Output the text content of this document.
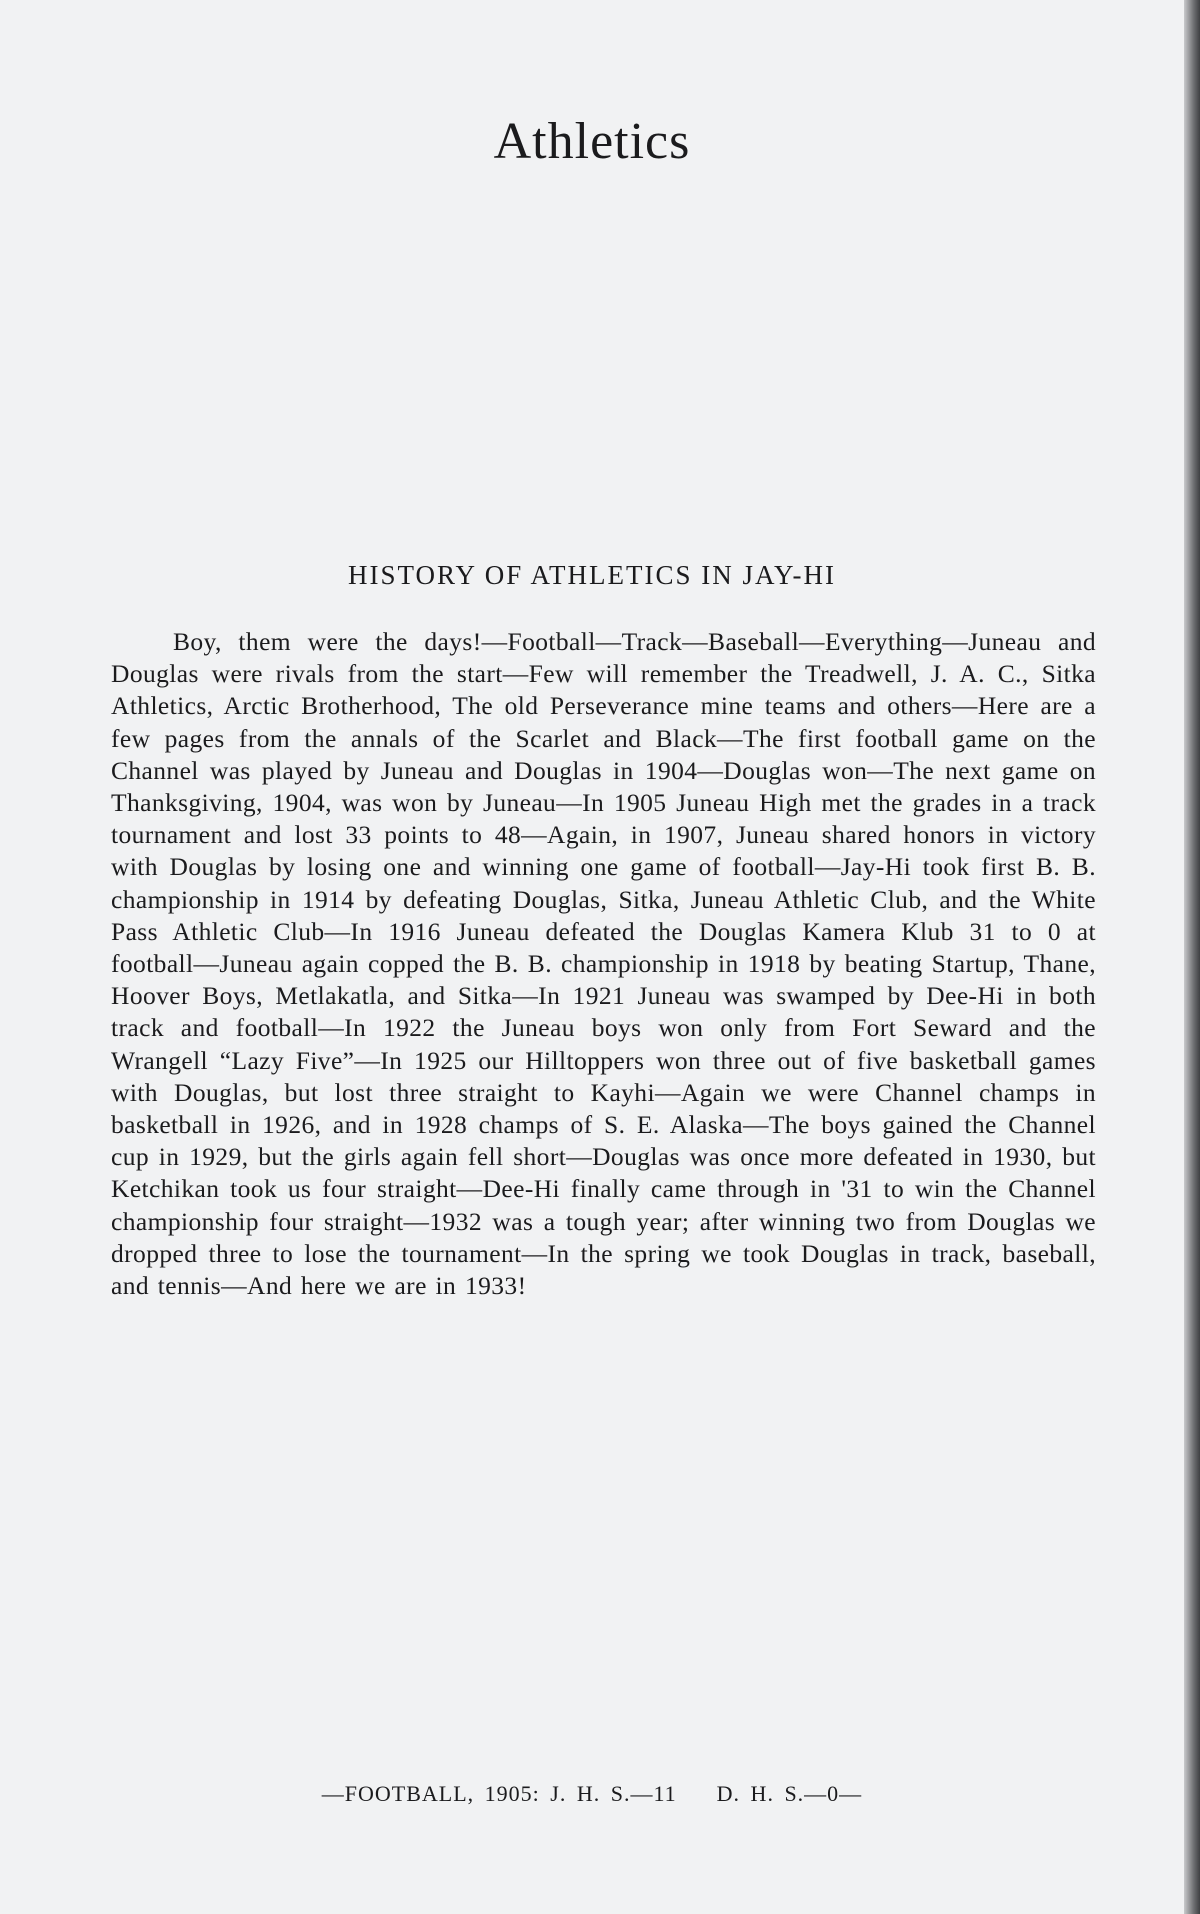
Athletics
HISTORY OF ATHLETICS IN JAY-HI

Boy, them were the days!—Football—Track—Baseball—Everything—Juneau and Douglas were rivals from the start—Few will remember the Treadwell, J. A. C., Sitka Athletics, Arctic Brotherhood, The old Perseverance mine teams and others—Here are a few pages from the annals of the Scarlet and Black—The first football game on the Channel was played by Juneau and Douglas in 1904—Douglas won—The next game on Thanksgiving, 1904, was won by Juneau—In 1905 Juneau High met the grades in a track tournament and lost 33 points to 48—Again, in 1907, Juneau shared honors in victory with Douglas by losing one and winning one game of football—Jay-Hi took first B. B. championship in 1914 by defeating Douglas, Sitka, Juneau Athletic Club, and the White Pass Athletic Club—In 1916 Juneau defeated the Douglas Kamera Klub 31 to 0 at football—Juneau again copped the B. B. championship in 1918 by beating Startup, Thane, Hoover Boys, Metlakatla, and Sitka—In 1921 Juneau was swamped by Dee-Hi in both track and football—In 1922 the Juneau boys won only from Fort Seward and the Wrangell “Lazy Five”—In 1925 our Hilltoppers won three out of five basketball games with Douglas, but lost three straight to Kayhi—Again we were Channel champs in basketball in 1926, and in 1928 champs of S. E. Alaska—The boys gained the Channel cup in 1929, but the girls again fell short—Douglas was once more defeated in 1930, but Ketchikan took us four straight—Dee-Hi finally came through in '31 to win the Channel championship four straight—1932 was a tough year; after winning two from Douglas we dropped three to lose the tournament—In the spring we took Douglas in track, baseball, and tennis—And here we are in 1933!

—FOOTBALL, 1905: J. H. S.—11 D. H. S.—0—
